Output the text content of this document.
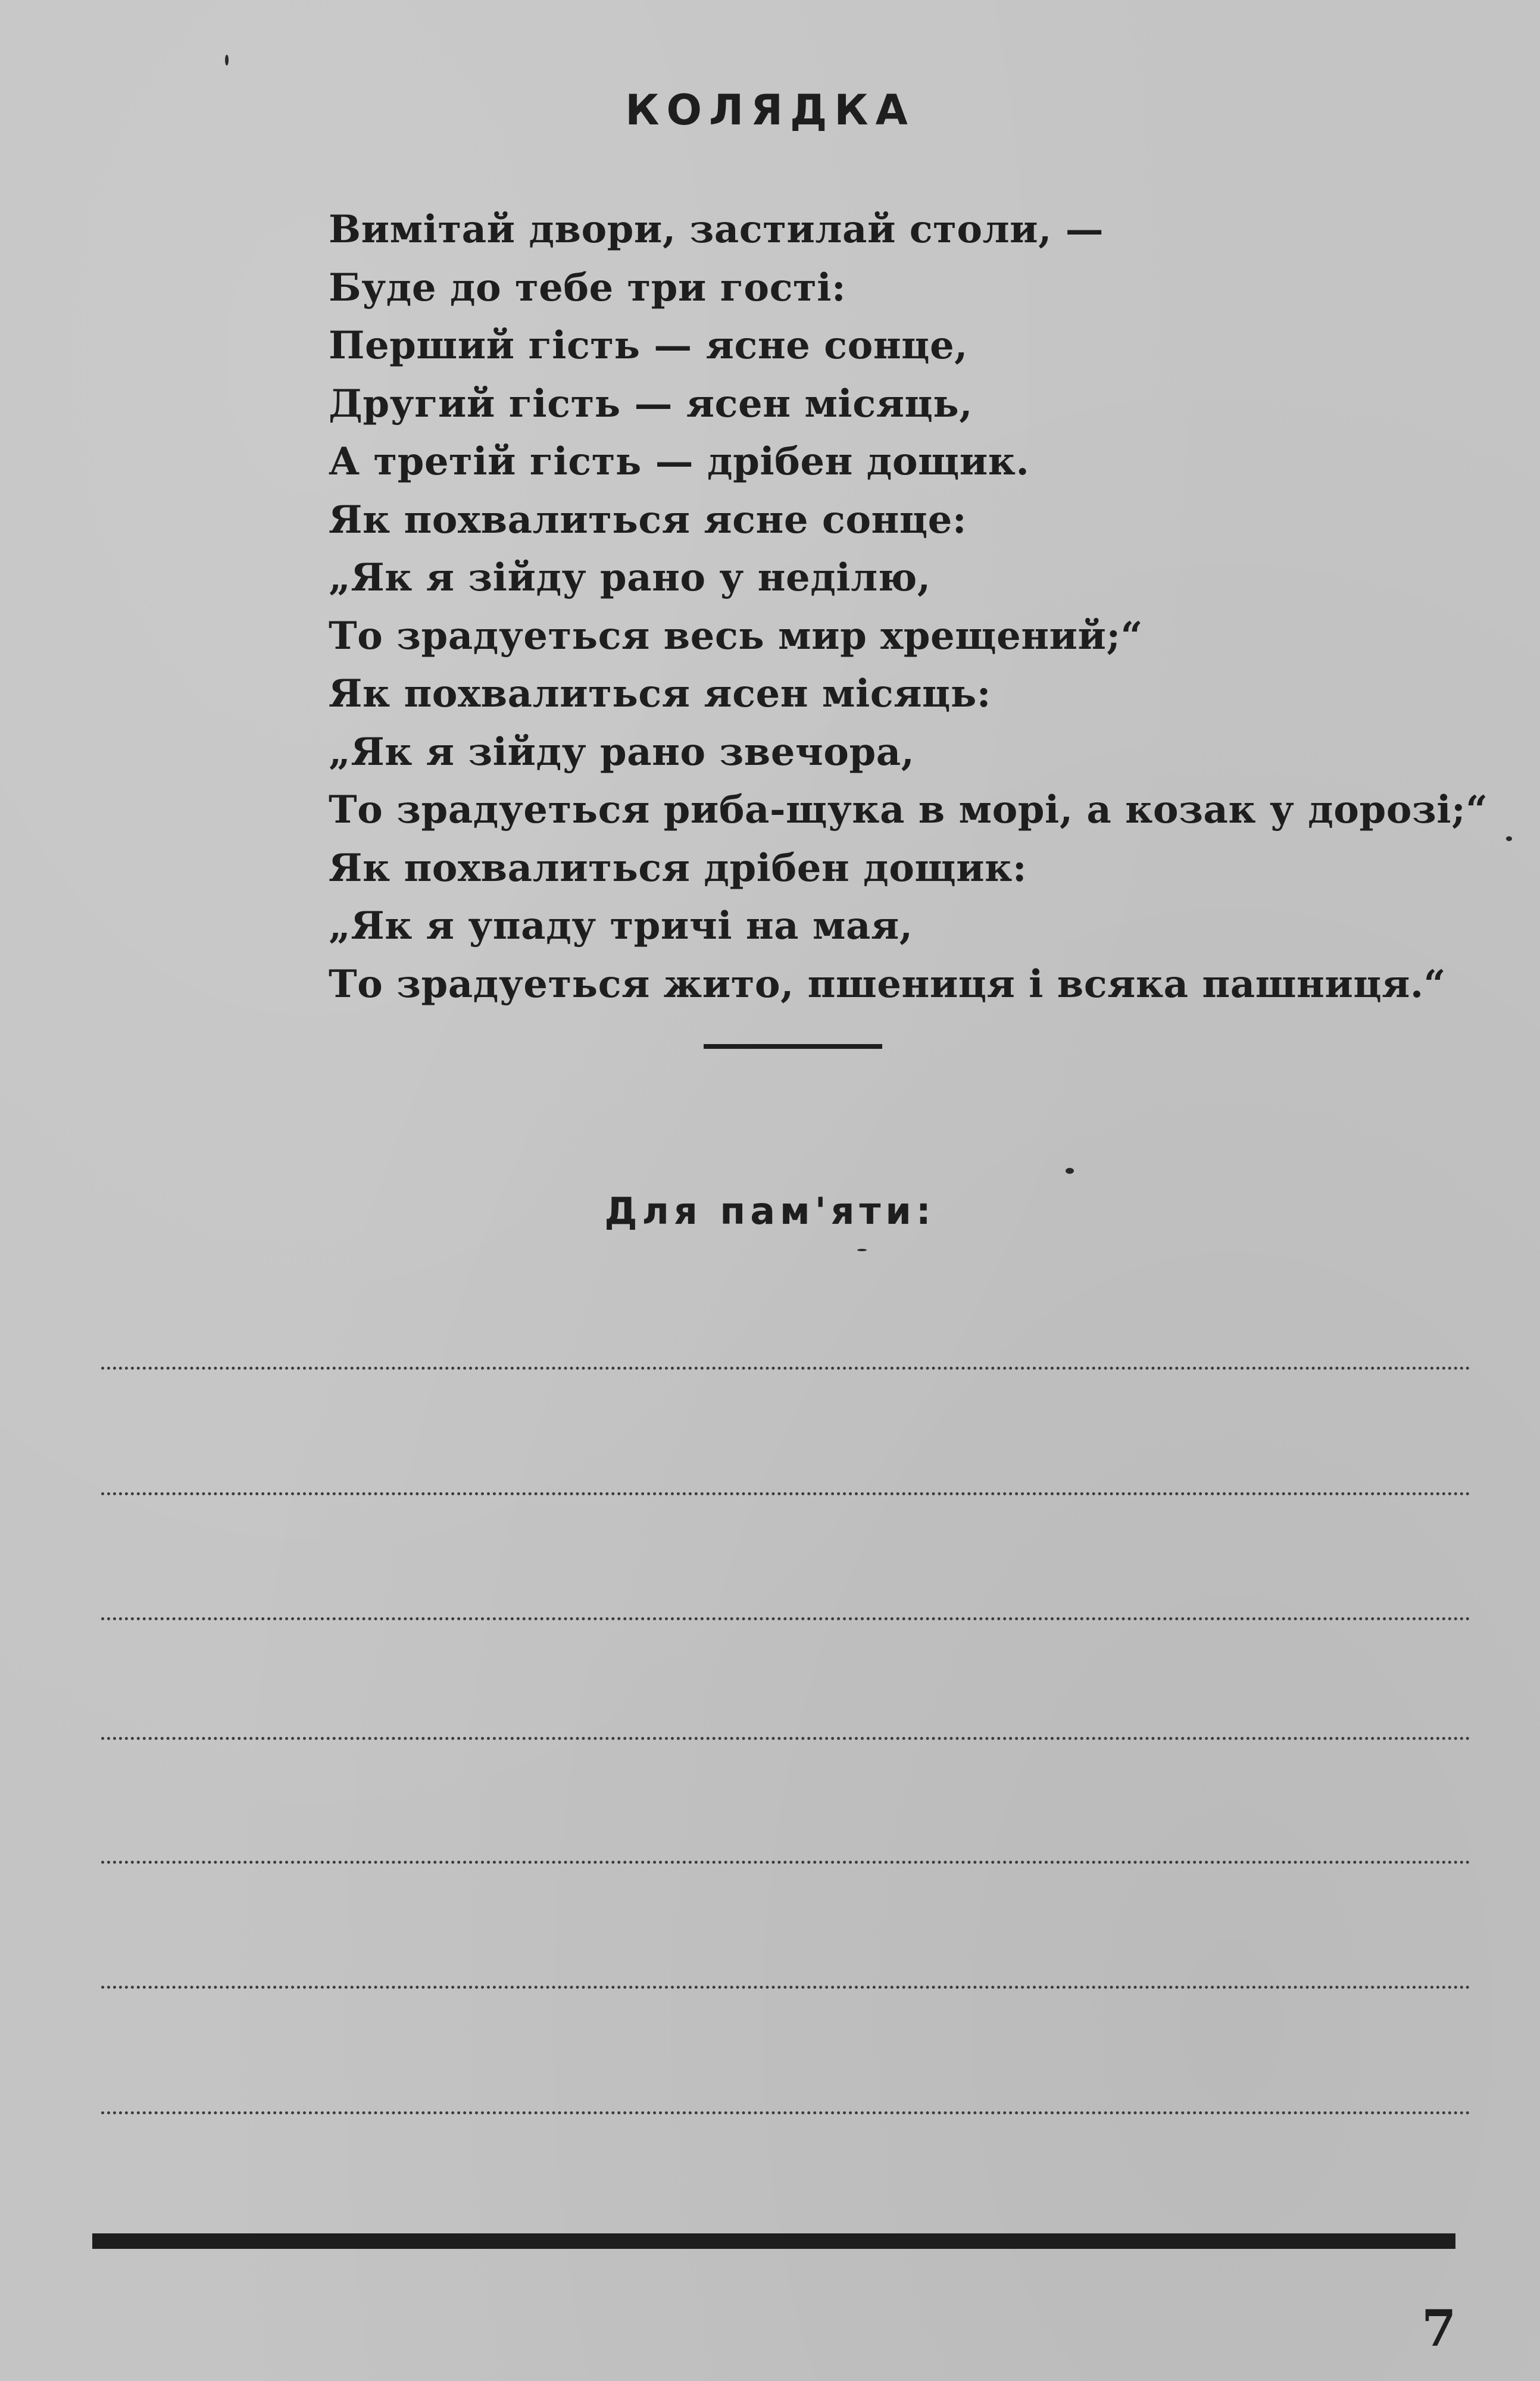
КОЛЯДКА
Вимітай двори, застилай столи, —
Буде до тебе три гості:
Перший гість — ясне сонце,
Другий гість — ясен місяць,
А третій гість — дрібен дощик.
Як похвалиться ясне сонце:
„Як я зійду рано у неділю,
То зрадуеться весь мир хрещений;“
Як похвалиться ясен місяць:
„Як я зійду рано звечора,
То зрадуеться риба-щука в морі, а козак у дорозі;“
Як похвалиться дрібен дощик:
„Як я упаду тричі на мая,
То зрадуеться жито, пшениця і всяка пашниця.“
Для пам'яти:
7
